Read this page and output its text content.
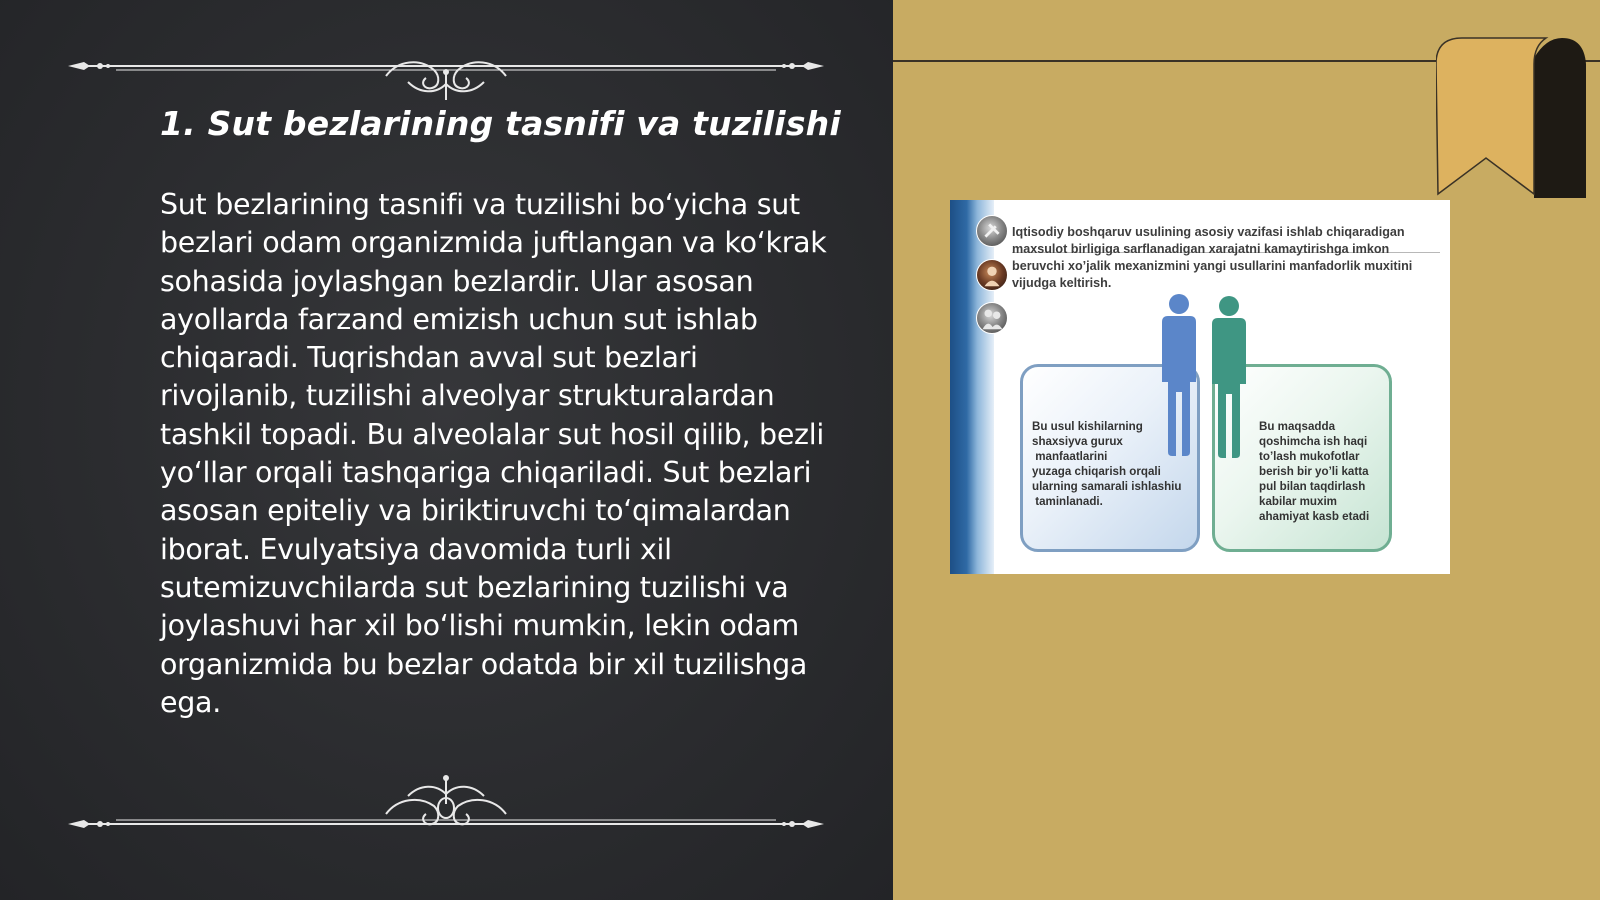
1. Sut bezlarining tasnifi va tuzilishi

Sut bezlarining tasnifi va tuzilishi bo‘yicha sut bezlari odam organizmida juftlangan va ko‘krak sohasida joylashgan bezlardir. Ular asosan ayollarda farzand emizish uchun sut ishlab chiqaradi. Tuqrishdan avval sut bezlari rivojlanib, tuzilishi alveolyar strukturalardan tashkil topadi. Bu alveolalar sut hosil qilib, bezli yo‘llar orqali tashqariga chiqariladi. Sut bezlari asosan epiteliy va biriktiruvchi to‘qimalardan iborat. Evulyatsiya davomida turli xil sutemizuvchilarda sut bezlarining tuzilishi va joylashuvi har xil bo‘lishi mumkin, lekin odam organizmida bu bezlar odatda bir xil tuzilishga ega.

Iqtisodiy boshqaruv usulining asosiy vazifasi ishlab chiqaradigan maxsulot birligiga sarflanadigan xarajatni kamaytirishga imkon beruvchi xo’jalik mexanizmini yangi usullarini manfadorlik muxitini vijudga keltirish.

Bu usul kishilarning
shaxsiyva gurux
manfaatlarini
yuzaga chiqarish orqali
ularning samarali ishlashiu
taminlanadi.

Bu maqsadda
qoshimcha ish haqi
to’lash mukofotlar
berish bir yo’li katta
pul bilan taqdirlash
kabilar muxim
ahamiyat kasb etadi
